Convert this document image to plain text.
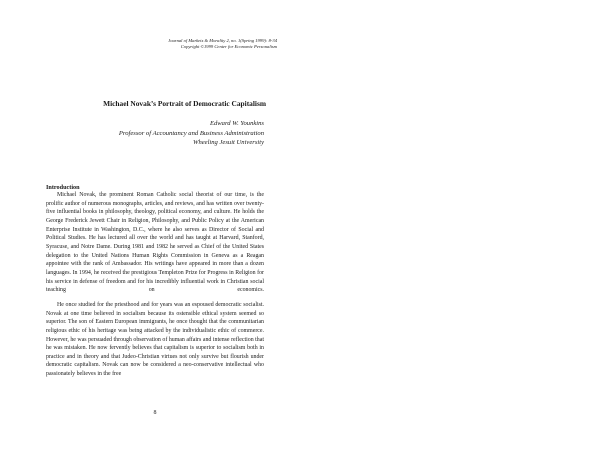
Journal of Markets & Morality 2, no. 1(Spring 1999): 8-34
Copyright ©1999 Center for Economic Personalism
Michael Novak’s Portrait of Democratic Capitalism
Edward W. Younkins
Professor of Accountancy and Business Administration
Wheeling Jesuit University
Introduction

Michael Novak, the prominent Roman Catholic social theorist of our time, is the prolific author of numerous monographs, articles, and reviews, and has written over twenty-five influential books in philosophy, theology, political economy, and culture. He holds the George Frederick Jewett Chair in Religion, Philosophy, and Public Policy at the American Enterprise Institute in Washington, D.C., where he also serves as Director of Social and Political Studies. He has lectured all over the world and has taught at Harvard, Stanford, Syracuse, and Notre Dame. During 1981 and 1982 he served as Chief of the United States delegation to the United Nations Human Rights Commission in Geneva as a Reagan appointee with the rank of Ambassador. His writings have appeared in more than a dozen languages. In 1994, he received the prestigious Templeton Prize for Progress in Religion for his service in defense of freedom and for his incredibly influential work in Christian social teaching on economics.

He once studied for the priesthood and for years was an espoused democratic socialist. Novak at one time believed in socialism because its ostensible ethical system seemed so superior. The son of Eastern European immigrants, he once thought that the communitarian religious ethic of his heritage was being attacked by the individualistic ethic of commerce. However, he was persuaded through observation of human affairs and intense reflection that he was mistaken. He now fervently believes that capitalism is superior to socialism both in practice and in theory and that Judeo-Christian virtues not only survive but flourish under democratic capitalism. Novak can now be considered a neo-conservative intellectual who passionately believes in the free

8
